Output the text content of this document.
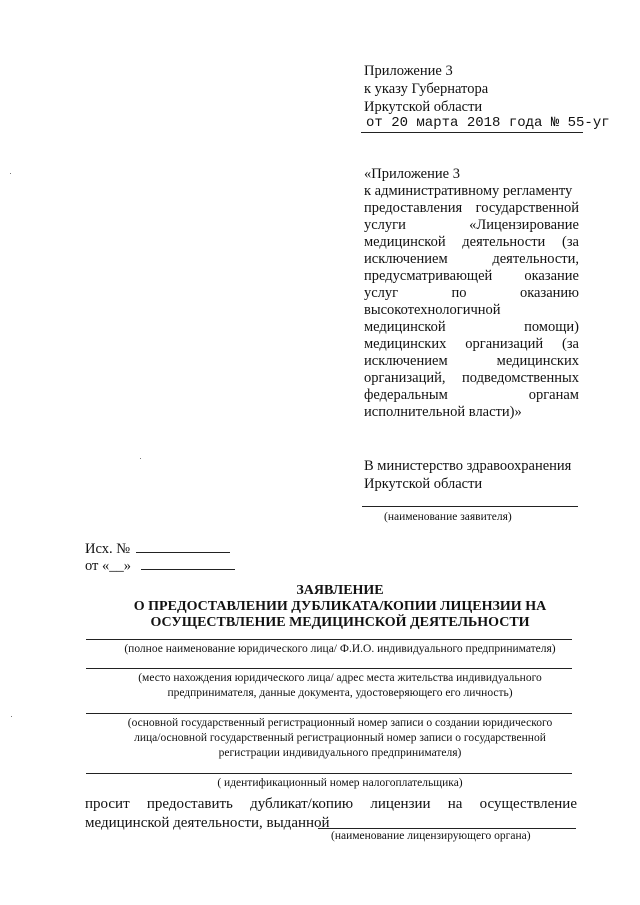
Приложение 3
к указу Губернатора
Иркутской области
от 20 марта 2018 года № 55-уг
«Приложение 3
к административному регламенту
предоставления государственной
услуги «Лицензирование
медицинской деятельности (за
исключением деятельности,
предусматривающей оказание
услуг по оказанию
высокотехнологичной
медицинской помощи)
медицинских организаций (за
исключением медицинских
организаций, подведомственных
федеральным органам
исполнительной власти)»
В министерство здравоохранения
Иркутской области
(наименование заявителя)
Исх. №
от «__»
ЗАЯВЛЕНИЕ
О ПРЕДОСТАВЛЕНИИ ДУБЛИКАТА/КОПИИ ЛИЦЕНЗИИ НА
ОСУЩЕСТВЛЕНИЕ МЕДИЦИНСКОЙ ДЕЯТЕЛЬНОСТИ
(полное наименование юридического лица/ Ф.И.О. индивидуального предпринимателя)
(место нахождения юридического лица/ адрес места жительства индивидуального
предпринимателя, данные документа, удостоверяющего его личность)
(основной государственный регистрационный номер записи о создании юридического
лица/основной государственный регистрационный номер записи о государственной
регистрации индивидуального предпринимателя)
( идентификационный номер налогоплательщика)
просит предоставить дубликат/копию лицензии на осуществление
медицинской деятельности, выданной
(наименование лицензирующего органа)
